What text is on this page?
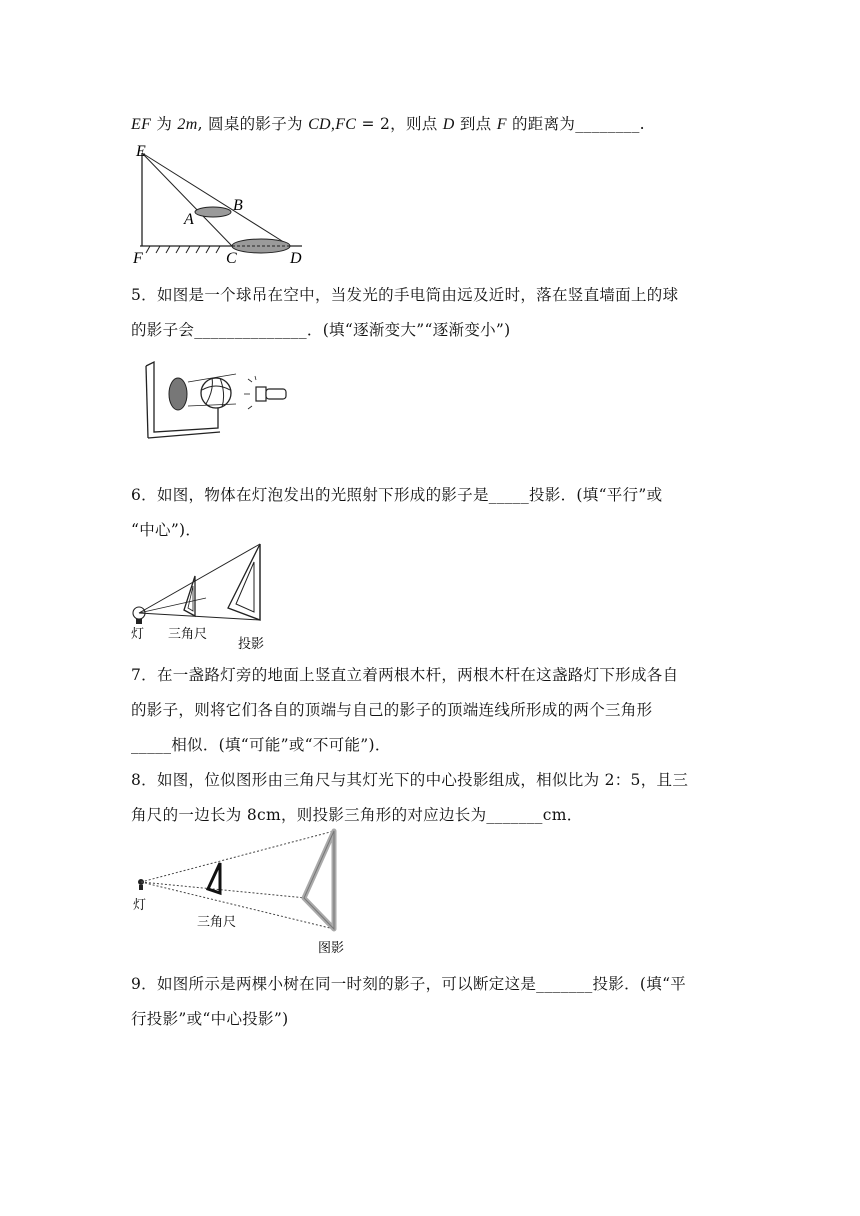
EF 为 2m, 圆桌的影子为 CD,FC = 2，则点 D 到点 F 的距离为________.
E
A
B
F	C	D
5．如图是一个球吊在空中，当发光的手电筒由远及近时，落在竖直墙面上的球
的影子会______________．(填“逐渐变大”“逐渐变小”)
6．如图，物体在灯泡发出的光照射下形成的影子是_____投影．(填“平行”或
“中心”)．
灯 三角尺
投影
7．在一盏路灯旁的地面上竖直立着两根木杆，两根木杆在这盏路灯下形成各自
的影子，则将它们各自的顶端与自己的影子的顶端连线所形成的两个三角形
_____相似．(填“可能”或“不可能”)．
8．如图，位似图形由三角尺与其灯光下的中心投影组成，相似比为 2：5，且三
角尺的一边长为 8cm，则投影三角形的对应边长为_______cm．
灯
三角尺
图影
9．如图所示是两棵小树在同一时刻的影子，可以断定这是_______投影．(填“平
行投影”或“中心投影”)
